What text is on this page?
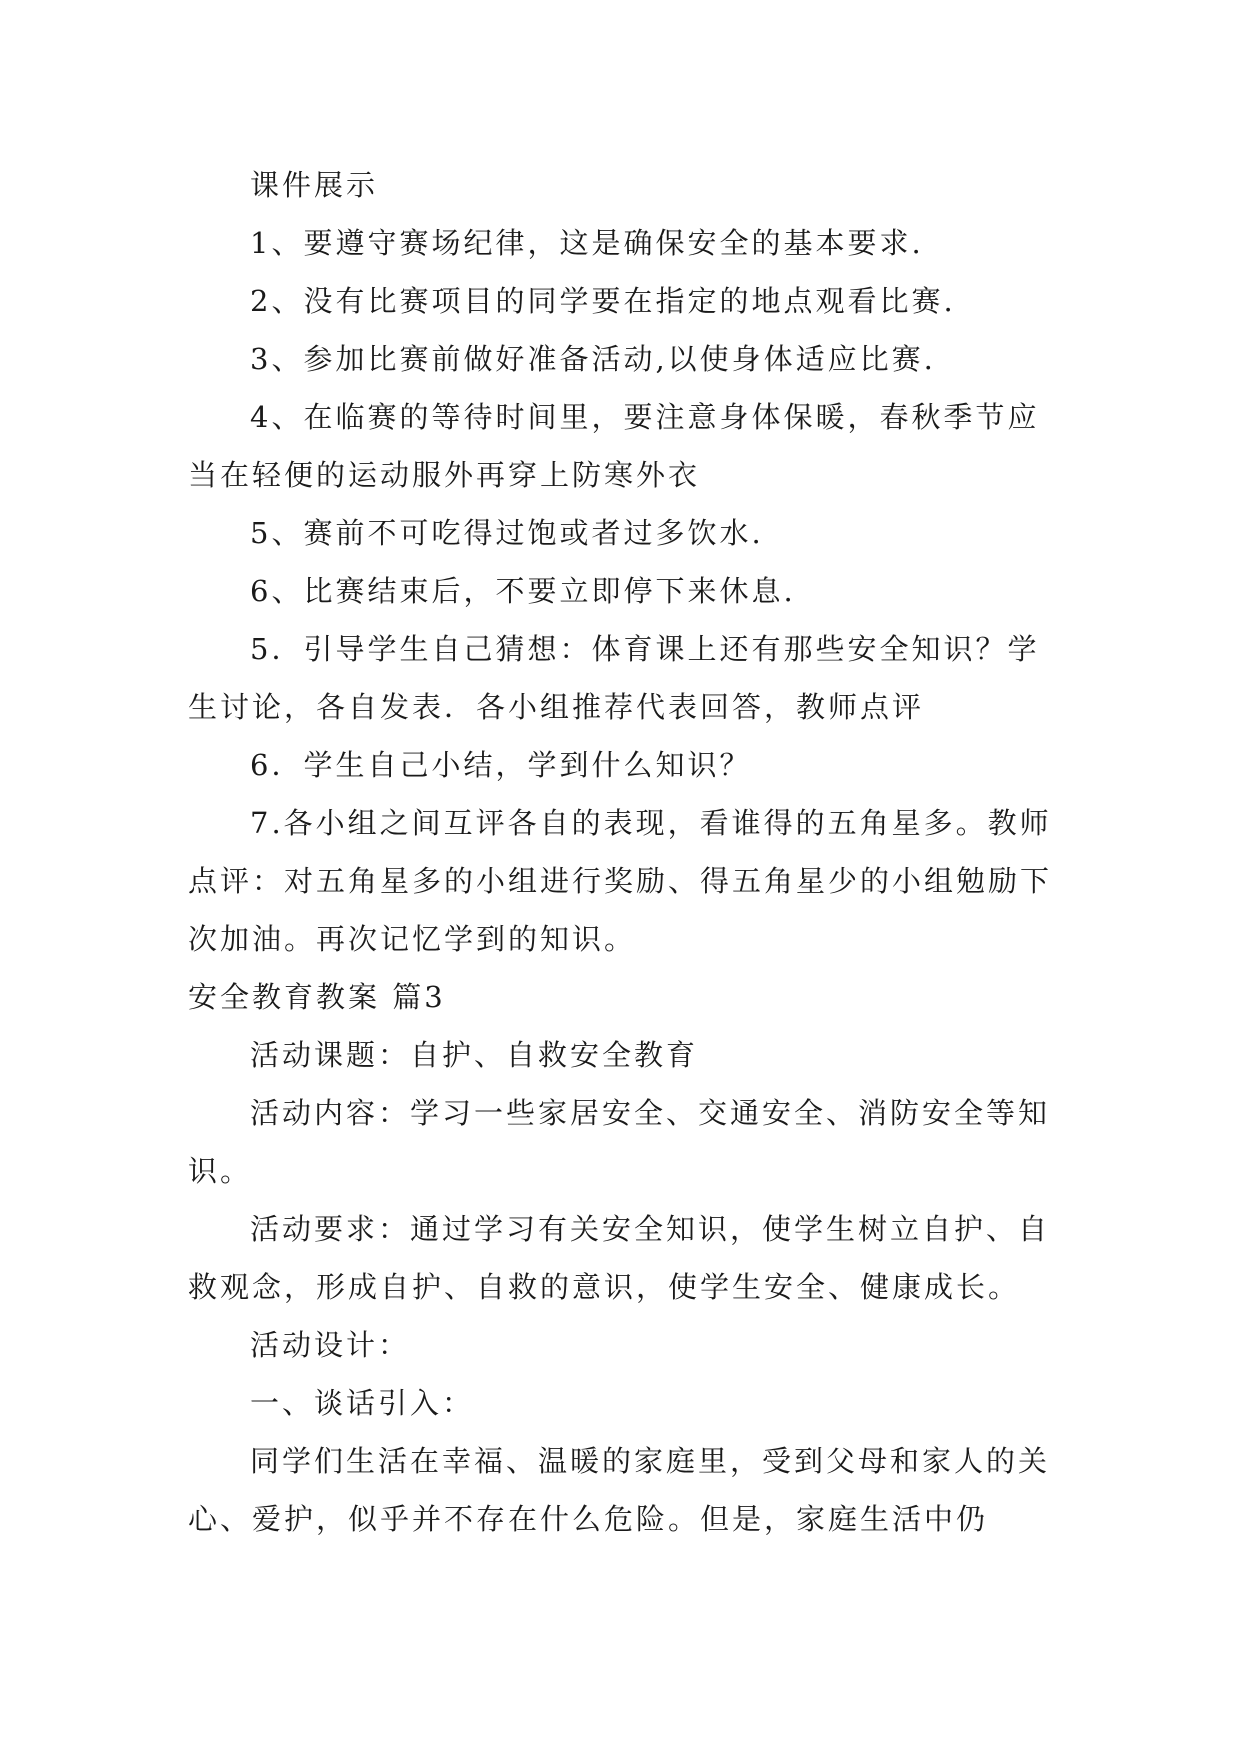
课件展示

1、要遵守赛场纪律，这是确保安全的基本要求.

2、没有比赛项目的同学要在指定的地点观看比赛.

3、参加比赛前做好准备活动,以使身体适应比赛.

4、在临赛的等待时间里，要注意身体保暖，春秋季节应当在轻便的运动服外再穿上防寒外衣

5、赛前不可吃得过饱或者过多饮水.

6、比赛结束后，不要立即停下来休息.

5．引导学生自己猜想：体育课上还有那些安全知识？学生讨论，各自发表．各小组推荐代表回答，教师点评

6．学生自己小结，学到什么知识？

7.各小组之间互评各自的表现，看谁得的五角星多。教师点评：对五角星多的小组进行奖励、得五角星少的小组勉励下次加油。再次记忆学到的知识。

安全教育教案 篇3

活动课题：自护、自救安全教育

活动内容：学习一些家居安全、交通安全、消防安全等知识。

活动要求：通过学习有关安全知识，使学生树立自护、自救观念，形成自护、自救的意识，使学生安全、健康成长。

活动设计：

一、谈话引入：

同学们生活在幸福、温暖的家庭里，受到父母和家人的关心、爱护，似乎并不存在什么危险。但是，家庭生活中仍
